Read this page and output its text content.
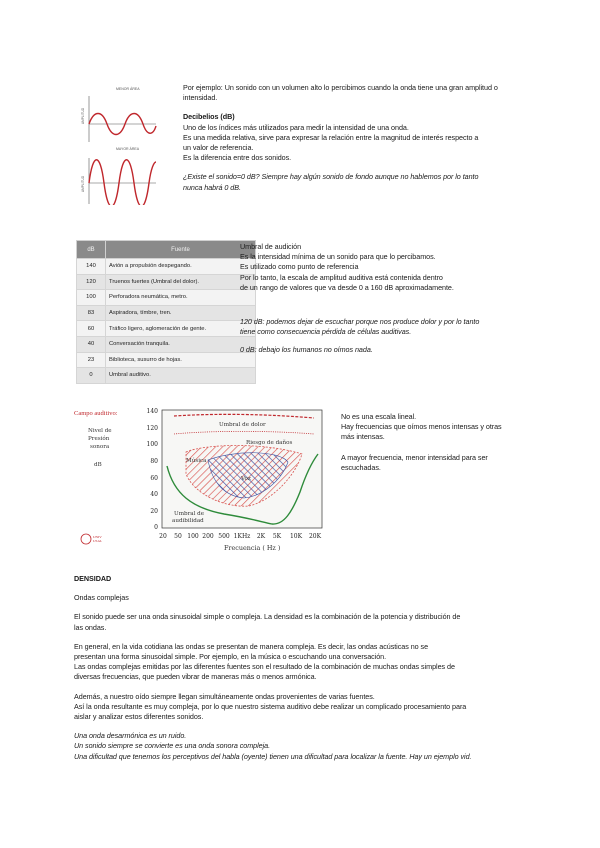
MENOR ÁREA
AMPLITUD
MAYOR ÁREA
AMPLITUD

Por ejemplo: Un sonido con un volumen alto lo percibimos cuando la onda tiene una gran amplitud o intensidad.

Decibelios (dB)

Uno de los índices más utilizados para medir la intensidad de una onda.

Es una medida relativa, sirve para expresar la relación entre la magnitud de interés respecto a

un valor de referencia.

Es la diferencia entre dos sonidos.

¿Existe el sonido=0 dB? Siempre hay algún sonido de fondo aunque no hablemos por lo tanto

nunca habrá 0 dB.

dB	Fuente
140	Avión a propulsión despegando.
120	Truenos fuertes (Umbral del dolor).
100	Perforadora neumática, metro.
83	Aspiradora, tímbre, tren.
60	Tráfico ligero, aglomeración de gente.
40	Conversación tranquila.
23	Biblioteca, susurro de hojas.
0	Umbral auditivo.

Umbral de audición

Es la intensidad mínima de un sonido para que lo percibamos.

Es utilizado como punto de referencia

Por lo tanto, la escala de amplitud auditiva está contenida dentro

de un rango de valores que va desde 0 a 160 dB aproximadamente.

120 dB: podemos dejar de escuchar porque nos produce dolor y por lo tanto

tiene como consecuencia pérdida de células auditivas.

0 dB: debajo los humanos no oímos nada.

Campo auditivo:
Nivel de
Presión
sonora
dB
140
120
100
80
60
40
20
0
20 50 100 200 500 1KHz 2K 5K 10K 20K
Frecuencia ( Hz )
Umbral de dolor
Riesgo de daños
Música
Voz
Umbral de
audibilidad
UNIV
USAL

No es una escala lineal.

Hay frecuencias que oímos menos intensas y otras

más intensas.

A mayor frecuencia, menor intensidad para ser

escuchadas.

DENSIDAD

Ondas complejas

El sonido puede ser una onda sinusoidal simple o compleja. La densidad es la combinación de la potencia y distribución de

las ondas.

En general, en la vida cotidiana las ondas se presentan de manera compleja. Es decir, las ondas acústicas no se

presentan una forma sinusoidal simple. Por ejemplo, en la música o escuchando una conversación.

Las ondas complejas emitidas por las diferentes fuentes son el resultado de la combinación de muchas ondas simples de

diversas frecuencias, que pueden vibrar de maneras más o menos armónica.

Además, a nuestro oído siempre llegan simultáneamente ondas provenientes de varias fuentes.

Así la onda resultante es muy compleja, por lo que nuestro sistema auditivo debe realizar un complicado procesamiento para

aislar y analizar estos diferentes sonidos.

Una onda desarmónica es un ruido.

Un sonido siempre se convierte es una onda sonora compleja.

Una dificultad que tenemos los perceptivos del habla (oyente) tienen una dificultad para localizar la fuente. Hay un ejemplo vid.
